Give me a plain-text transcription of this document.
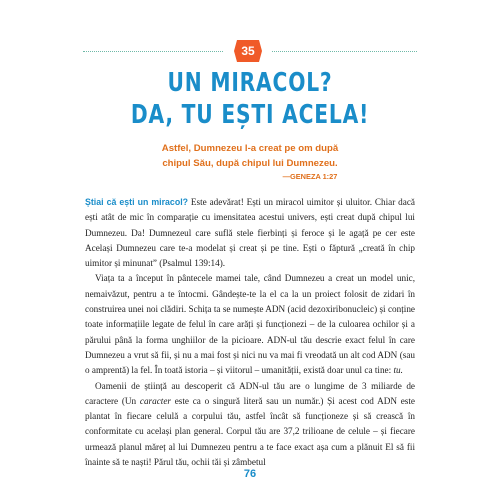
35
UN MIRACOL?
DA, TU EȘTI ACELA!
Astfel, Dumnezeu l-a creat pe om după
chipul Său, după chipul lui Dumnezeu.
—GENEZA 1:27

Știai că ești un miracol? Este adevărat! Ești un miracol uimitor și uluitor. Chiar dacă ești atât de mic în comparație cu imensitatea acestui univers, ești creat după chipul lui Dumnezeu. Da! Dumnezeul care suflă stele fierbinți și feroce și le agață pe cer este Același Dumnezeu care te-a modelat și creat și pe tine. Ești o făptură „creată în chip uimitor și minunat” (Psalmul 139:14).

Viața ta a început în pântecele mamei tale, când Dumnezeu a creat un model unic, nemaivăzut, pentru a te întocmi. Gândește-te la el ca la un proiect folosit de zidari în construirea unei noi clădiri. Schița ta se numește ADN (acid dezoxiribonucleic) și conține toate informațiile legate de felul în care arăți și funcționezi – de la culoarea ochilor și a părului până la forma unghiilor de la picioare. ADN-ul tău descrie exact felul în care Dumnezeu a vrut să fii, și nu a mai fost și nici nu va mai fi vreodată un alt cod ADN (sau o amprentă) la fel. În toată istoria – și viitorul – umanității, există doar unul ca tine: tu.

Oamenii de știință au descoperit că ADN-ul tău are o lungime de 3 miliarde de caractere (Un caracter este ca o singură literă sau un număr.) Și acest cod ADN este plantat în fiecare celulă a corpului tău, astfel încât să funcționeze și să crească în conformitate cu același plan general. Corpul tău are 37,2 trilioane de celule – și fiecare urmează planul măreț al lui Dumnezeu pentru a te face exact așa cum a plănuit El să fii înainte să te naști! Părul tău, ochii tăi și zâmbetul

76
